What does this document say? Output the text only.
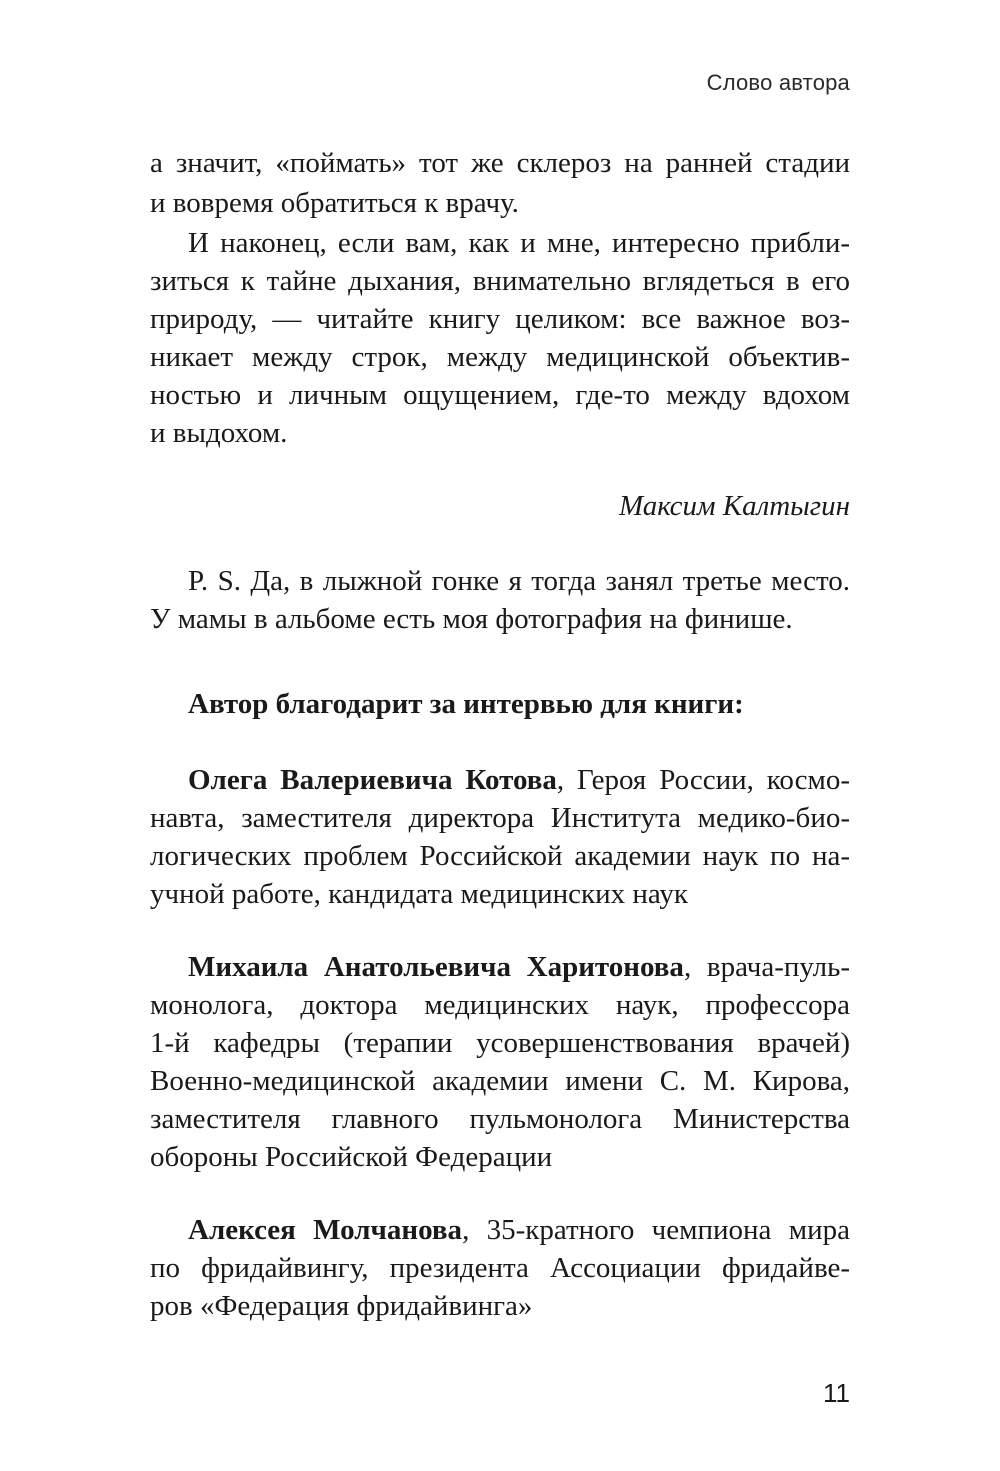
Слово автора
а значит, «поймать» тот же склероз на ранней стадии
и вовремя обратиться к врачу.
И наконец, если вам, как и мне, интересно прибли-
зиться к тайне дыхания, внимательно вглядеться в его
природу, — читайте книгу целиком: все важное воз-
никает между строк, между медицинской объектив-
ностью и личным ощущением, где-то между вдохом
и выдохом.
Максим Калтыгин
P. S. Да, в лыжной гонке я тогда занял третье место.
У мамы в альбоме есть моя фотография на финише.
Автор благодарит за интервью для книги:
Олега Валериевича Котова, Героя России, космо-
навта, заместителя директора Института медико-био-
логических проблем Российской академии наук по на-
учной работе, кандидата медицинских наук
Михаила Анатольевича Харитонова, врача-пуль-
монолога, доктора медицинских наук, профессора
1-й кафедры (терапии усовершенствования врачей)
Военно-медицинской академии имени С. М. Кирова,
заместителя главного пульмонолога Министерства
обороны Российской Федерации
Алексея Молчанова, 35-кратного чемпиона мира
по фридайвингу, президента Ассоциации фридайве-
ров «Федерация фридайвинга»
11
